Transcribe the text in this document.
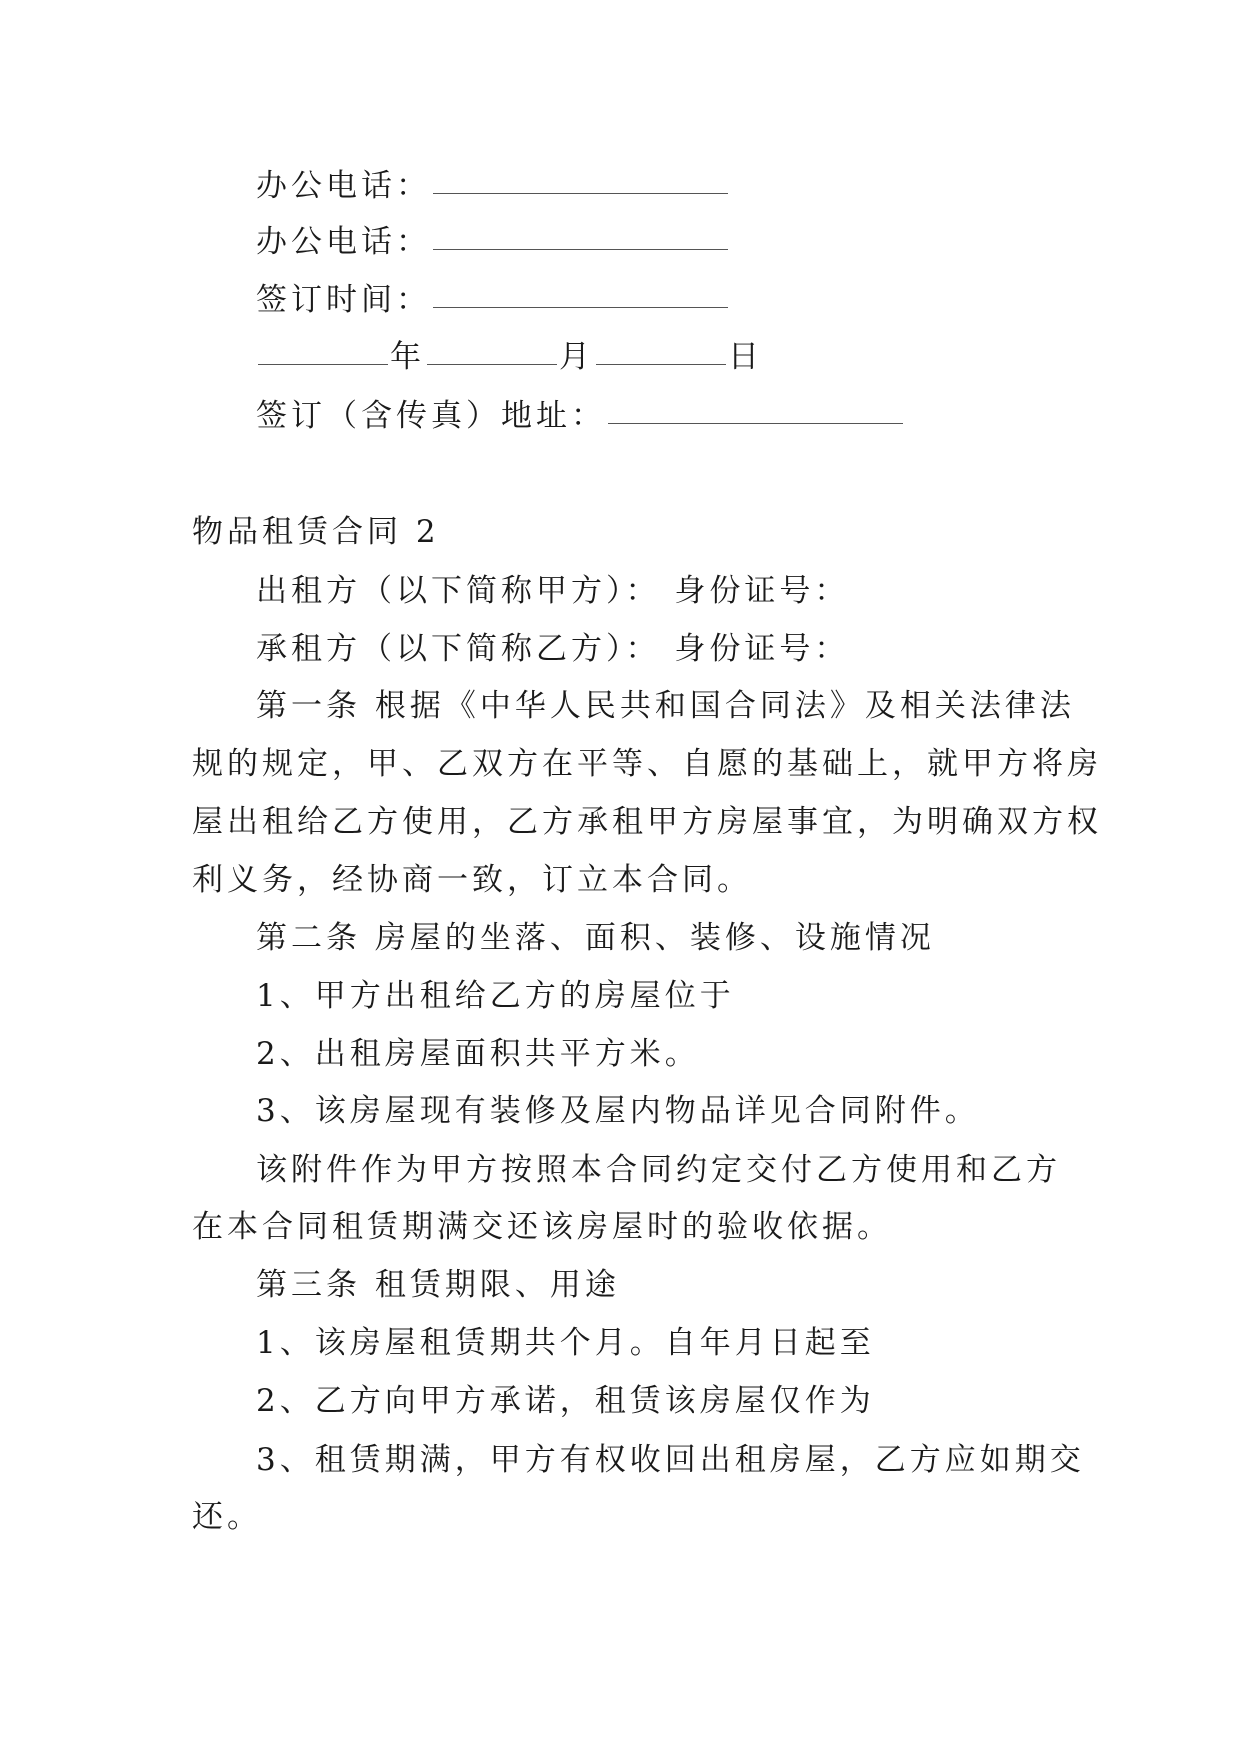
办公电话：
办公电话：
签订时间：
年	月	日
签订（含传真）地址：
物品租赁合同 2
出租方（以下简称甲方）： 身份证号：
承租方（以下简称乙方）： 身份证号：
第一条 根据《中华人民共和国合同法》及相关法律法
规的规定，甲、乙双方在平等、自愿的基础上，就甲方将房
屋出租给乙方使用，乙方承租甲方房屋事宜，为明确双方权
利义务，经协商一致，订立本合同。
第二条 房屋的坐落、面积、装修、设施情况
1、甲方出租给乙方的房屋位于
2、出租房屋面积共平方米。
3、该房屋现有装修及屋内物品详见合同附件。
该附件作为甲方按照本合同约定交付乙方使用和乙方
在本合同租赁期满交还该房屋时的验收依据。
第三条 租赁期限、用途
1、该房屋租赁期共个月。自年月日起至
2、乙方向甲方承诺，租赁该房屋仅作为
3、租赁期满，甲方有权收回出租房屋，乙方应如期交
还。
